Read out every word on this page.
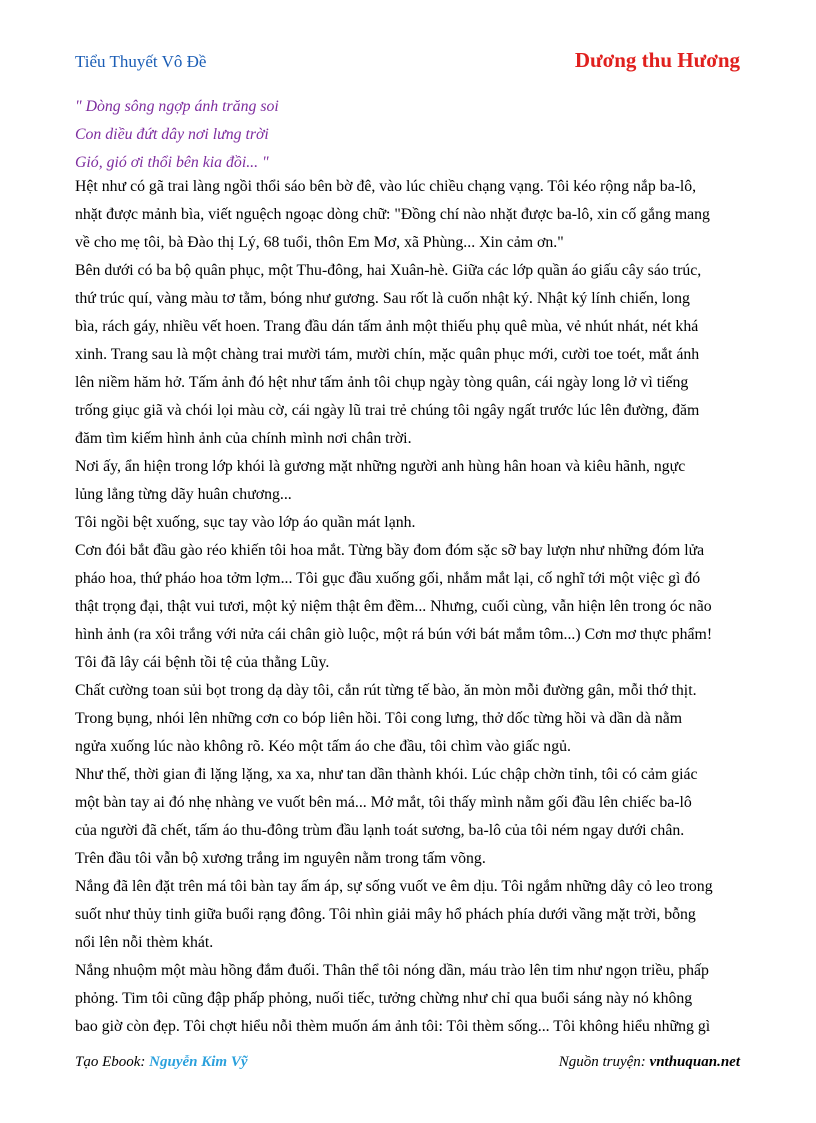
Tiểu Thuyết Vô Đề	Dương thu Hương
" Dòng sông ngợp ánh trăng soi
Con diều đứt dây nơi lưng trời
Gió, gió ơi thổi bên kia đồi... "
Hệt như có gã trai làng ngồi thổi sáo bên bờ đê, vào lúc chiều chạng vạng. Tôi kéo rộng nắp ba-lô,
nhặt được mảnh bìa, viết nguệch ngoạc dòng chữ: "Đồng chí nào nhặt được ba-lô, xin cố gắng mang
về cho mẹ tôi, bà Đào thị Lý, 68 tuổi, thôn Em Mơ, xã Phùng... Xin cảm ơn."
Bên dưới có ba bộ quân phục, một Thu-đông, hai Xuân-hè. Giữa các lớp quần áo giấu cây sáo trúc,
thứ trúc quí, vàng màu tơ tằm, bóng như gương. Sau rốt là cuốn nhật ký. Nhật ký lính chiến, long
bìa, rách gáy, nhiều vết hoen. Trang đầu dán tấm ảnh một thiếu phụ quê mùa, vẻ nhút nhát, nét khá
xinh. Trang sau là một chàng trai mười tám, mười chín, mặc quân phục mới, cười toe toét, mắt ánh
lên niềm hăm hở. Tấm ảnh đó hệt như tấm ảnh tôi chụp ngày tòng quân, cái ngày long lở vì tiếng
trống giục giã và chói lọi màu cờ, cái ngày lũ trai trẻ chúng tôi ngây ngất trước lúc lên đường, đăm
đăm tìm kiếm hình ảnh của chính mình nơi chân trời.
Nơi ấy, ẩn hiện trong lớp khói là gương mặt những người anh hùng hân hoan và kiêu hãnh, ngực
lủng lẳng từng dãy huân chương...
Tôi ngồi bệt xuống, sục tay vào lớp áo quần mát lạnh.
Cơn đói bắt đầu gào réo khiến tôi hoa mắt. Từng bầy đom đóm sặc sỡ bay lượn như những đóm lửa
pháo hoa, thứ pháo hoa tởm lợm... Tôi gục đầu xuống gối, nhắm mắt lại, cố nghĩ tới một việc gì đó
thật trọng đại, thật vui tươi, một kỷ niệm thật êm đềm... Nhưng, cuối cùng, vẫn hiện lên trong óc não
hình ảnh (ra xôi trắng với nửa cái chân giò luộc, một rá bún với bát mắm tôm...) Cơn mơ thực phẩm!
Tôi đã lây cái bệnh tồi tệ của thằng Lũy.
Chất cường toan sủi bọt trong dạ dày tôi, cắn rút từng tế bào, ăn mòn mỗi đường gân, mỗi thớ thịt.
Trong bụng, nhói lên những cơn co bóp liên hồi. Tôi cong lưng, thở dốc từng hồi và dần dà nằm
ngửa xuống lúc nào không rõ. Kéo một tấm áo che đầu, tôi chìm vào giấc ngủ.
Như thế, thời gian đi lặng lặng, xa xa, như tan dần thành khói. Lúc chập chờn tỉnh, tôi có cảm giác
một bàn tay ai đó nhẹ nhàng ve vuốt bên má... Mở mắt, tôi thấy mình nằm gối đầu lên chiếc ba-lô
của người đã chết, tấm áo thu-đông trùm đầu lạnh toát sương, ba-lô của tôi ném ngay dưới chân.
Trên đầu tôi vẫn bộ xương trắng im nguyên nằm trong tấm võng.
Nắng đã lên đặt trên má tôi bàn tay ấm áp, sự sống vuốt ve êm dịu. Tôi ngắm những dây cỏ leo trong
suốt như thủy tinh giữa buổi rạng đông. Tôi nhìn giải mây hổ phách phía dưới vầng mặt trời, bỗng
nổi lên nỗi thèm khát.
Nắng nhuộm một màu hồng đắm đuối. Thân thể tôi nóng dần, máu trào lên tim như ngọn triều, phấp
phỏng. Tim tôi cũng đập phấp phỏng, nuối tiếc, tưởng chừng như chỉ qua buổi sáng này nó không
bao giờ còn đẹp. Tôi chợt hiểu nỗi thèm muốn ám ảnh tôi: Tôi thèm sống... Tôi không hiểu những gì
Tạo Ebook: Nguyễn Kim Vỹ	Nguồn truyện: vnthuquan.net
